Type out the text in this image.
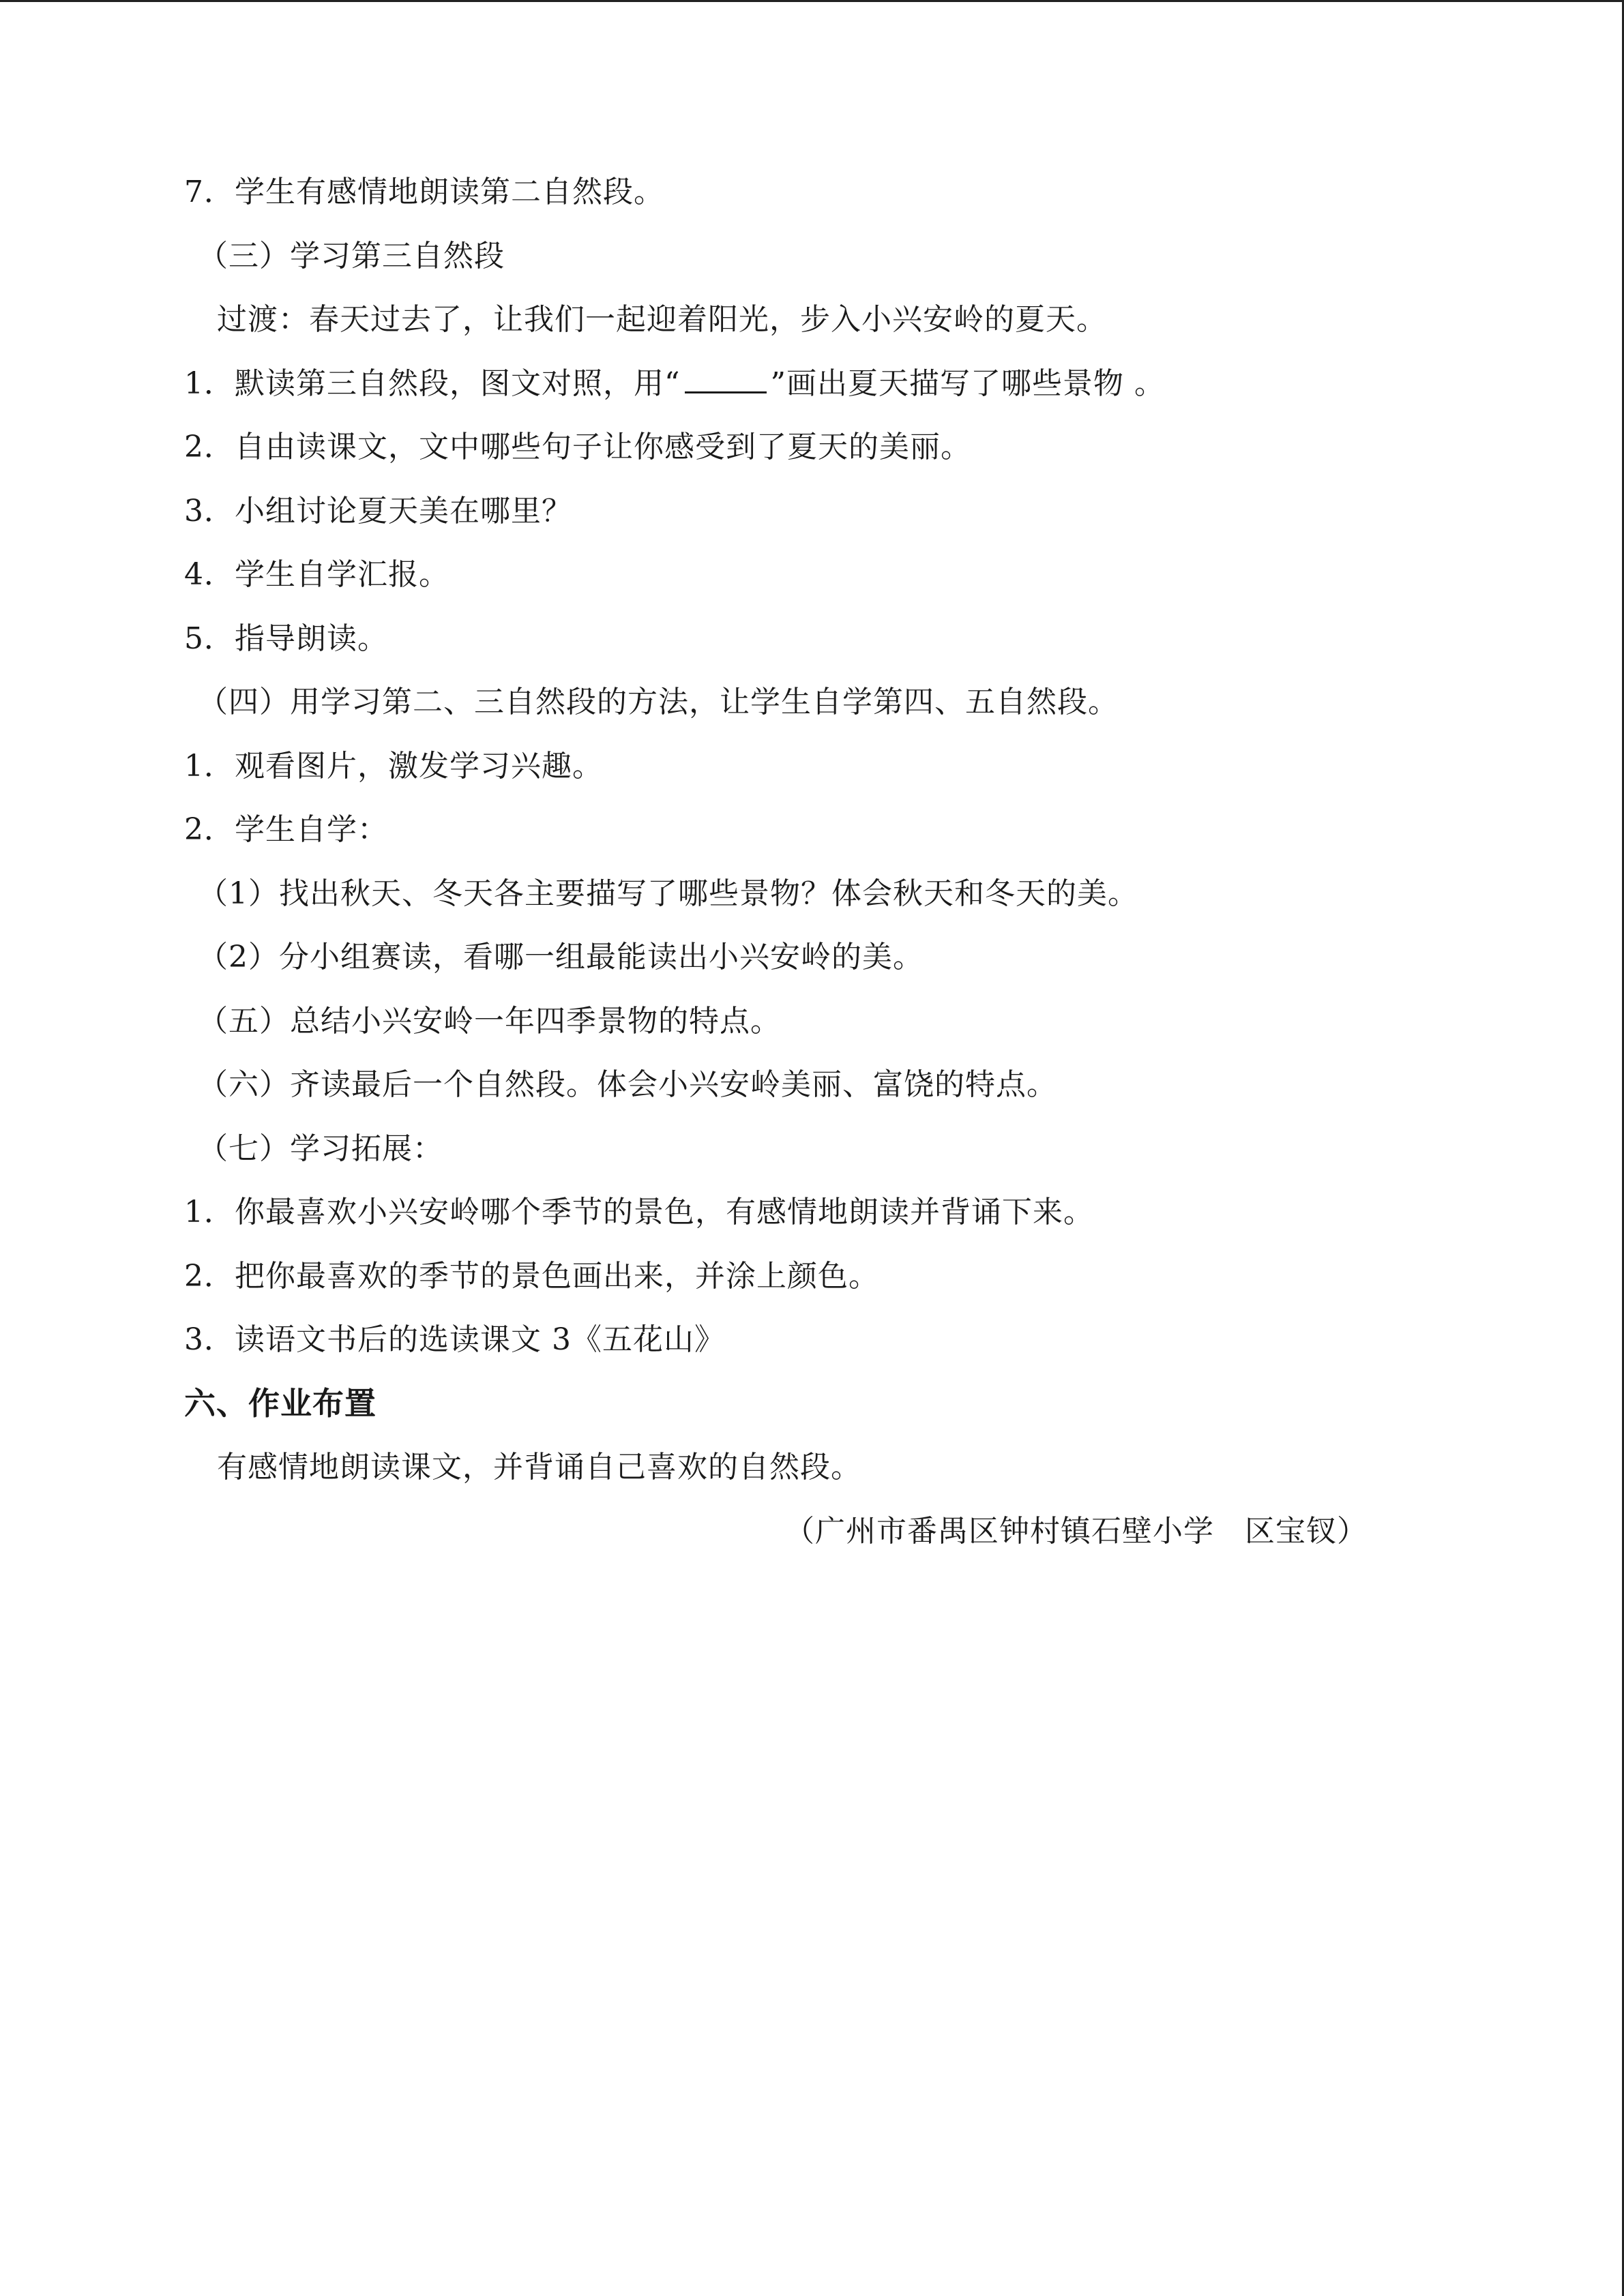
7．学生有感情地朗读第二自然段。
（三）学习第三自然段
过渡：春天过去了，让我们一起迎着阳光，步入小兴安岭的夏天。
1．默读第三自然段，图文对照，用“	”画出夏天描写了哪些景物 。
2．自由读课文，文中哪些句子让你感受到了夏天的美丽。
3．小组讨论夏天美在哪里？
4．学生自学汇报。
5．指导朗读。
（四）用学习第二、三自然段的方法，让学生自学第四、五自然段。
1．观看图片，激发学习兴趣。
2．学生自学：
（1）找出秋天、冬天各主要描写了哪些景物？体会秋天和冬天的美。
（2）分小组赛读，看哪一组最能读出小兴安岭的美。
（五）总结小兴安岭一年四季景物的特点。
（六）齐读最后一个自然段。体会小兴安岭美丽、富饶的特点。
（七）学习拓展：
1．你最喜欢小兴安岭哪个季节的景色，有感情地朗读并背诵下来。
2．把你最喜欢的季节的景色画出来，并涂上颜色。
3．读语文书后的选读课文 3《五花山》
六、作业布置
有感情地朗读课文，并背诵自己喜欢的自然段。
（广州市番禺区钟村镇石壁小学　区宝钗）
